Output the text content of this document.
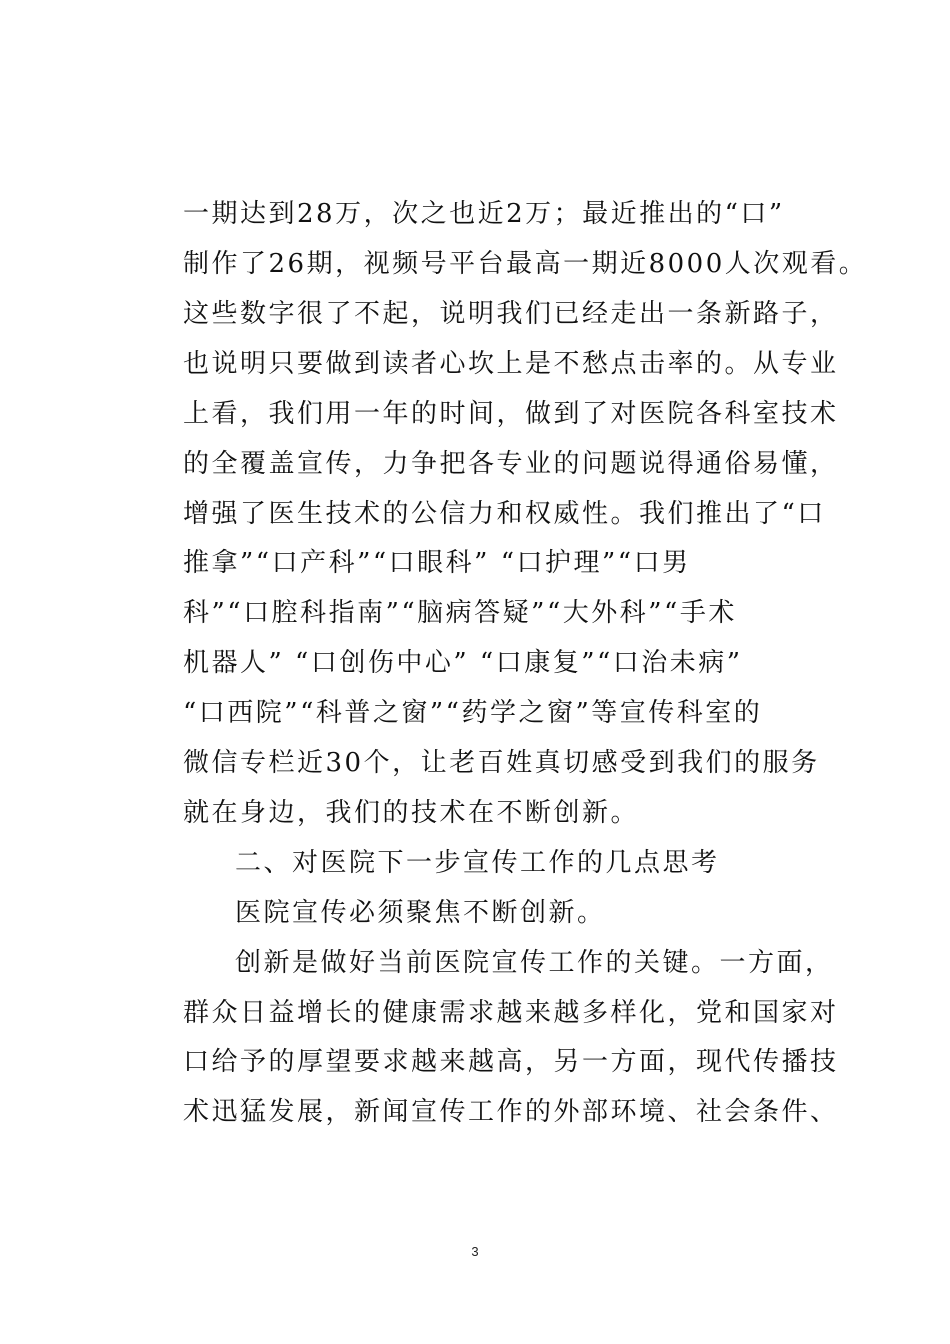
一期达到28万，次之也近2万；最近推出的“口”
制作了26期，视频号平台最高一期近8000人次观看。
这些数字很了不起，说明我们已经走出一条新路子，
也说明只要做到读者心坎上是不愁点击率的。从专业
上看，我们用一年的时间，做到了对医院各科室技术
的全覆盖宣传，力争把各专业的问题说得通俗易懂，
增强了医生技术的公信力和权威性。我们推出了“口
推拿”“口产科”“口眼科” “口护理”“口男
科”“口腔科指南”“脑病答疑”“大外科”“手术
机器人” “口创伤中心” “口康复”“口治未病”
“口西院”“科普之窗”“药学之窗”等宣传科室的
微信专栏近30个，让老百姓真切感受到我们的服务
就在身边，我们的技术在不断创新。
二、对医院下一步宣传工作的几点思考
医院宣传必须聚焦不断创新。
创新是做好当前医院宣传工作的关键。一方面，
群众日益增长的健康需求越来越多样化，党和国家对
口给予的厚望要求越来越高，另一方面，现代传播技
术迅猛发展，新闻宣传工作的外部环境、社会条件、
3
